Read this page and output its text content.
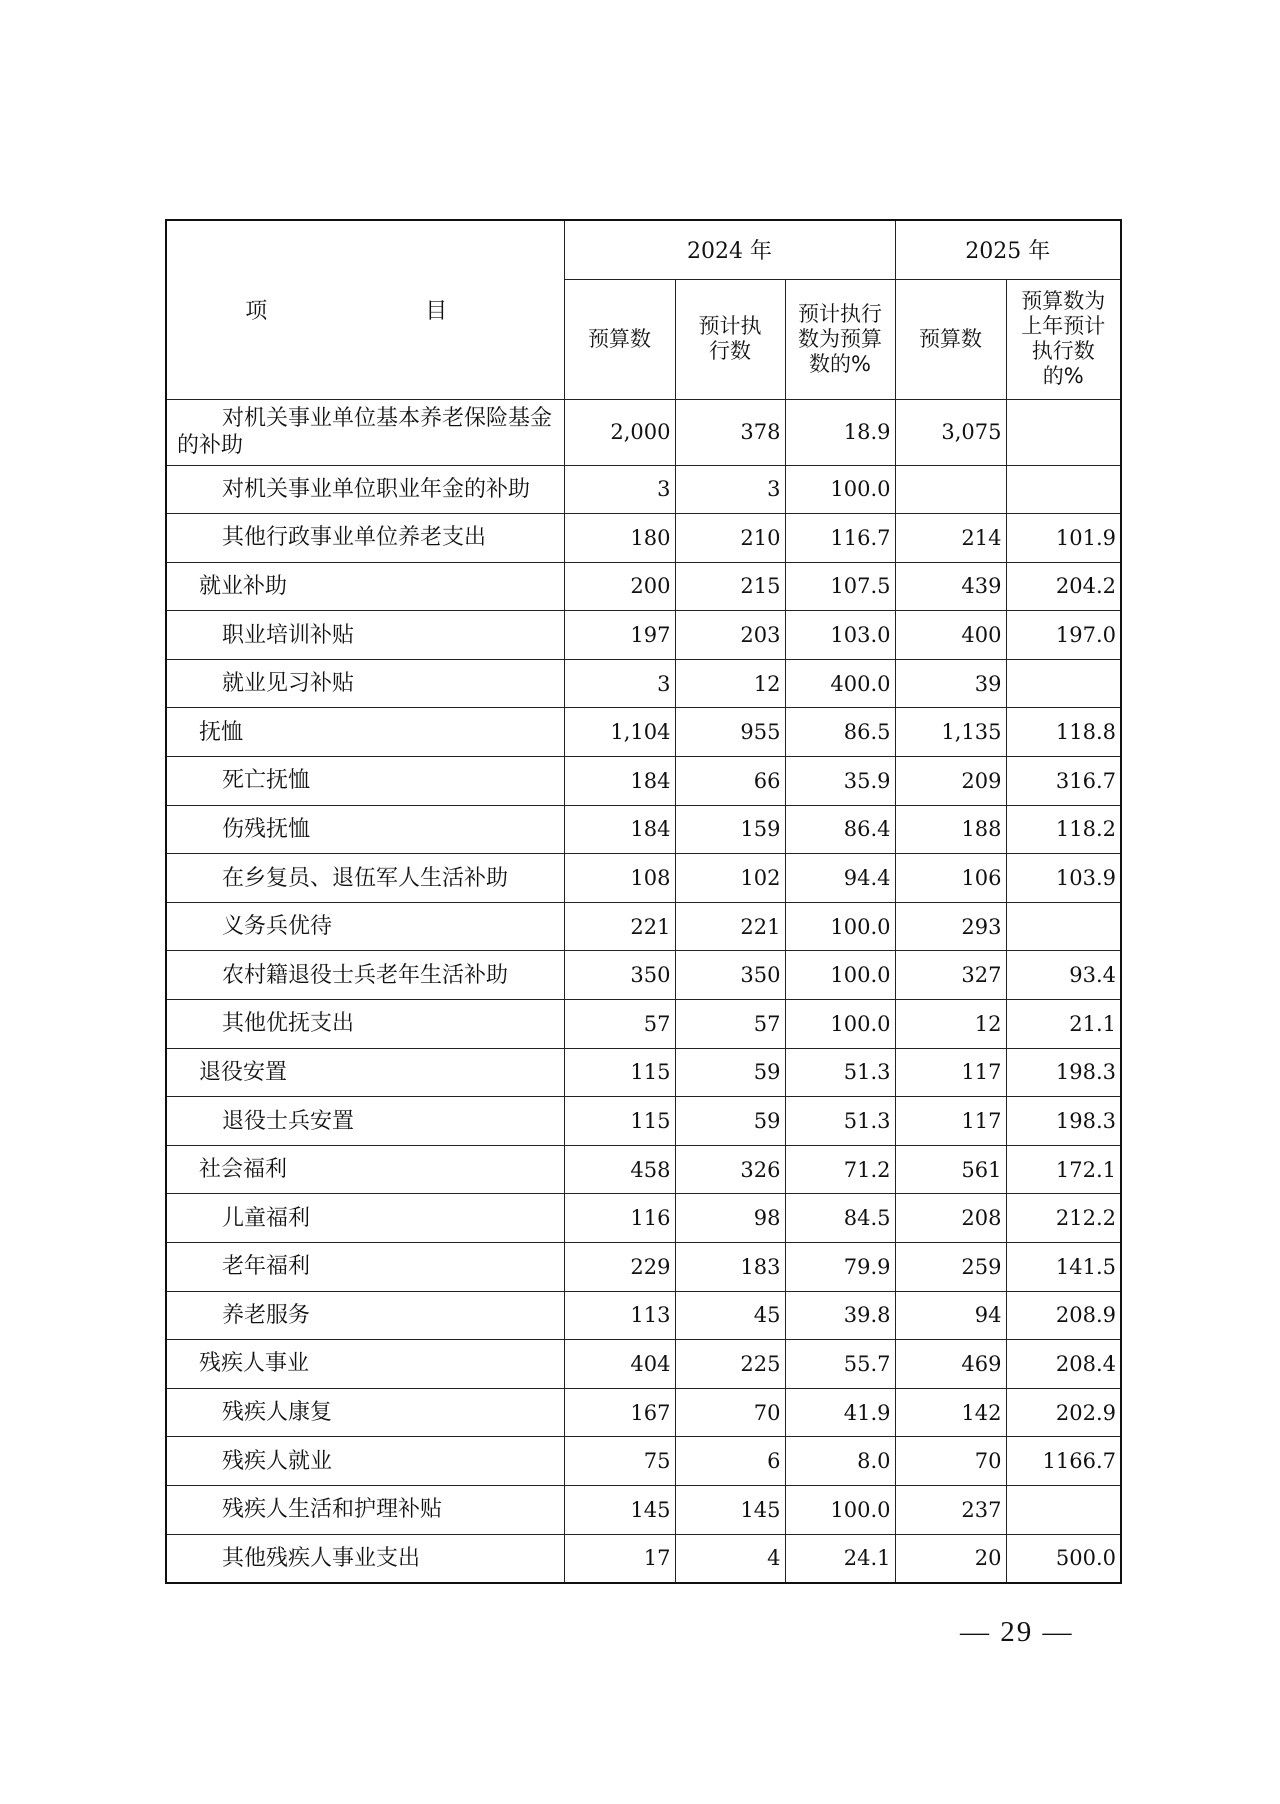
项　　目	2024 年			2025 年	
	预算数	预计执行数	预计执行数为预算数的%	预算数	预算数为上年预计执行数的%
对机关事业单位基本养老保险基金的补助	2,000	378	18.9	3,075	
对机关事业单位职业年金的补助	3	3	100.0		
其他行政事业单位养老支出	180	210	116.7	214	101.9
就业补助	200	215	107.5	439	204.2
职业培训补贴	197	203	103.0	400	197.0
就业见习补贴	3	12	400.0	39	
抚恤	1,104	955	86.5	1,135	118.8
死亡抚恤	184	66	35.9	209	316.7
伤残抚恤	184	159	86.4	188	118.2
在乡复员、退伍军人生活补助	108	102	94.4	106	103.9
义务兵优待	221	221	100.0	293	
农村籍退役士兵老年生活补助	350	350	100.0	327	93.4
其他优抚支出	57	57	100.0	12	21.1
退役安置	115	59	51.3	117	198.3
退役士兵安置	115	59	51.3	117	198.3
社会福利	458	326	71.2	561	172.1
儿童福利	116	98	84.5	208	212.2
老年福利	229	183	79.9	259	141.5
养老服务	113	45	39.8	94	208.9
残疾人事业	404	225	55.7	469	208.4
残疾人康复	167	70	41.9	142	202.9
残疾人就业	75	6	8.0	70	1166.7
残疾人生活和护理补贴	145	145	100.0	237	
其他残疾人事业支出	17	4	24.1	20	500.0
— 29 —
